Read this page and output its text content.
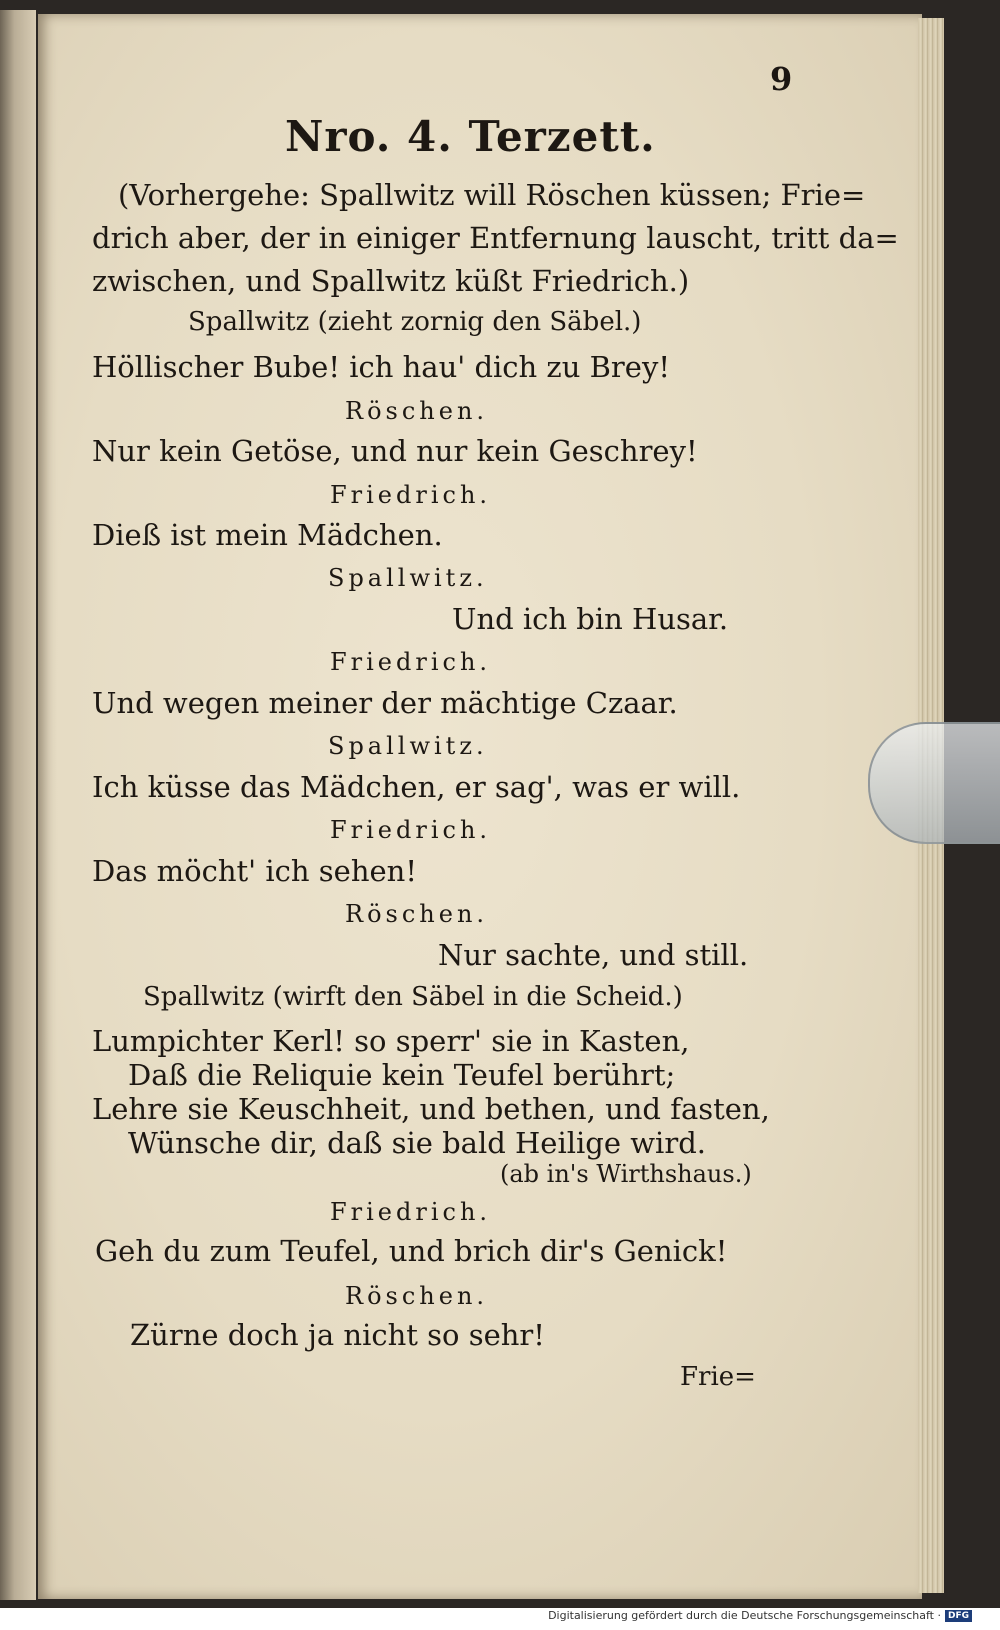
9
Nro. 4. Terzett.
(Vorhergehe: Spallwitz will Röschen küssen; Frie=
drich aber, der in einiger Entfernung lauscht, tritt da=
zwischen, und Spallwitz küßt Friedrich.)
Spallwitz (zieht zornig den Säbel.)
Höllischer Bube! ich hau' dich zu Brey!
Röschen.
Nur kein Getöse, und nur kein Geschrey!
Friedrich.
Dieß ist mein Mädchen.
Spallwitz.
Und ich bin Husar.
Friedrich.
Und wegen meiner der mächtige Czaar.
Spallwitz.
Ich küsse das Mädchen, er sag', was er will.
Friedrich.
Das möcht' ich sehen!
Röschen.
Nur sachte, und still.
Spallwitz (wirft den Säbel in die Scheid.)
Lumpichter Kerl! so sperr' sie in Kasten,
Daß die Reliquie kein Teufel berührt;
Lehre sie Keuschheit, und bethen, und fasten,
Wünsche dir, daß sie bald Heilige wird.
(ab in's Wirthshaus.)
Friedrich.
Geh du zum Teufel, und brich dir's Genick!
Röschen.
Zürne doch ja nicht so sehr!
Frie=
Digitalisierung gefördert durch die Deutsche Forschungsgemeinschaft · DFG
